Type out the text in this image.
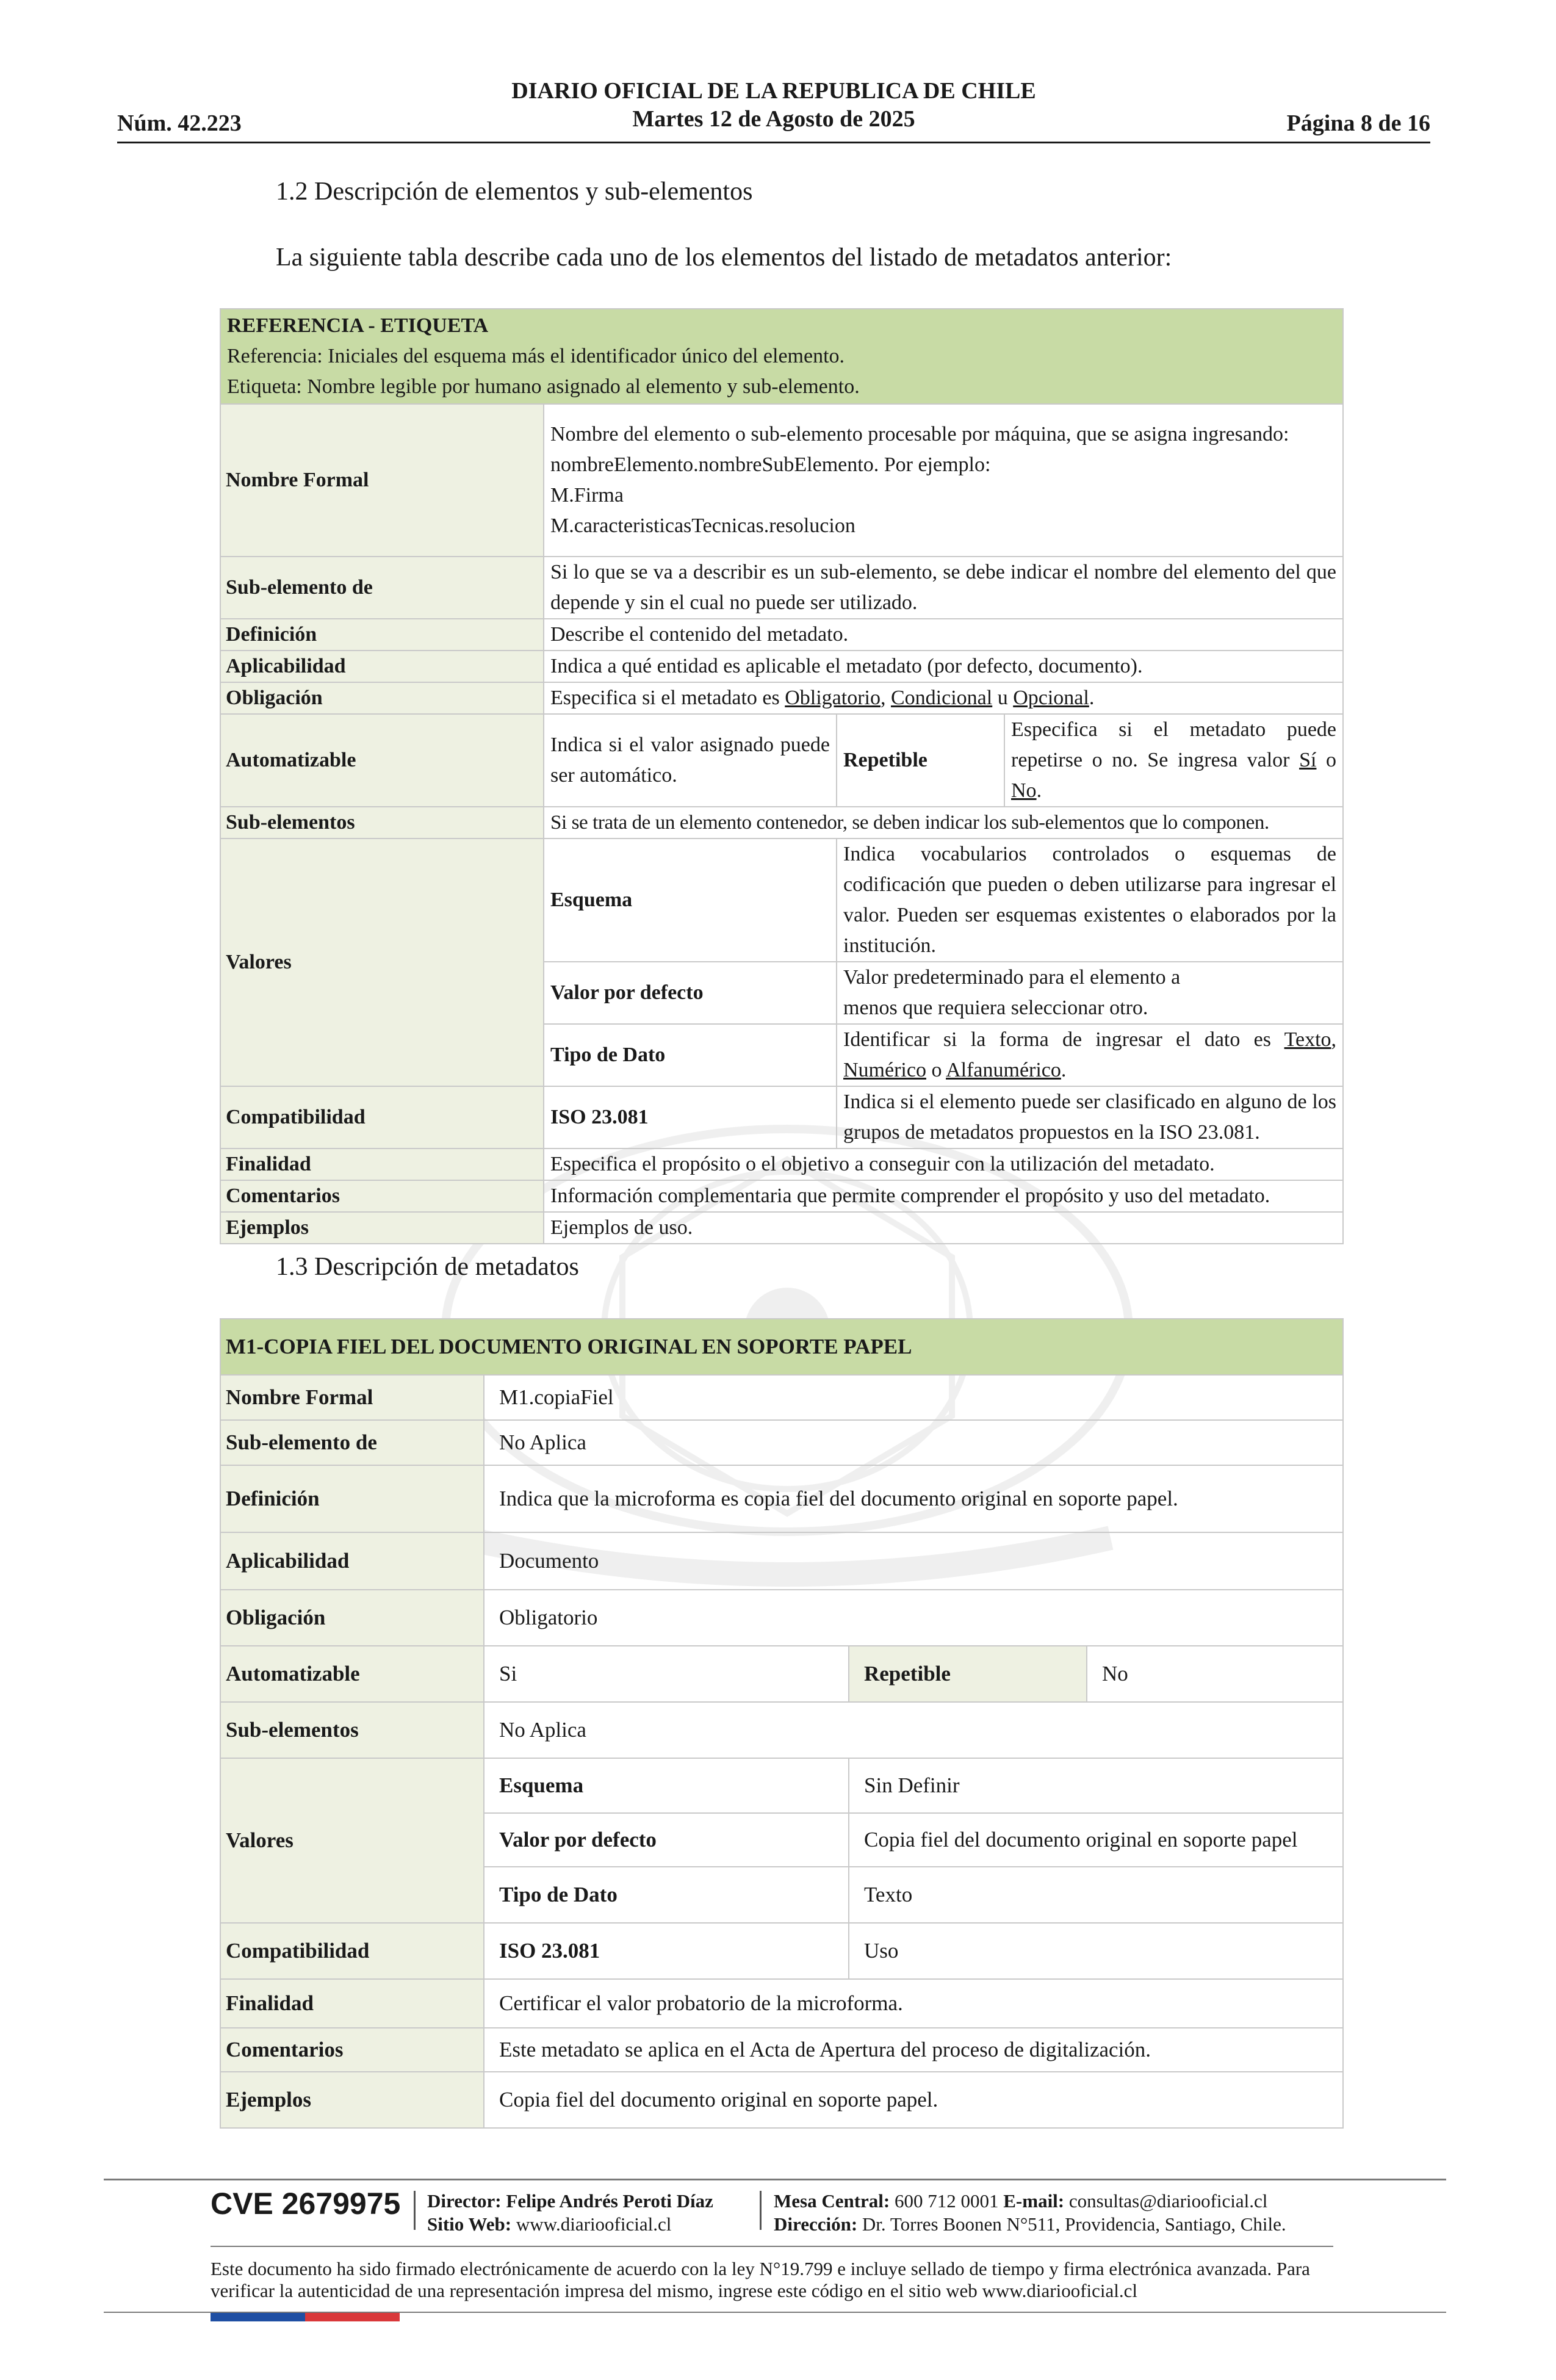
Núm. 42.223
DIARIO OFICIAL DE LA REPUBLICA DE CHILE
Martes 12 de Agosto de 2025	Página 8 de 16
1.2 Descripción de elementos y sub-elementos
La siguiente tabla describe cada uno de los elementos del listado de metadatos anterior:
REFERENCIA - ETIQUETA
Referencia: Iniciales del esquema más el identificador único del elemento.
Etiqueta: Nombre legible por humano asignado al elemento y sub-elemento.			

Nombre Formal	Nombre del elemento o sub-elemento procesable por máquina, que se asigna ingresando:
nombreElemento.nombreSubElemento. Por ejemplo:
M.Firma
M.caracteristicasTecnicas.resolucion		

Sub-elemento de	Si lo que se va a describir es un sub-elemento, se debe indicar el nombre del elemento del que depende y sin el cual no puede ser utilizado.		
Definición	Describe el contenido del metadato.		
Aplicabilidad	Indica a qué entidad es aplicable el metadato (por defecto, documento).		
Obligación	Especifica si el metadato es Obligatorio, Condicional u Opcional.		
Automatizable	Indica si el valor asignado puede ser automático.	Repetible	Especifica si el metadato puede repetirse o no. Se ingresa valor Sí o No.
Sub-elementos	Si se trata de un elemento contenedor, se deben indicar los sub-elementos que lo componen.		
Valores	Esquema	Indica vocabularios controlados o esquemas de codificación que pueden o deben utilizarse para ingresar el valor. Pueden ser esquemas existentes o elaborados por la institución.	
	Valor por defecto	Valor predeterminado para el elemento a menos que requiera seleccionar otro.	
	Tipo de Dato	Identificar si la forma de ingresar el dato es Texto, Numérico o Alfanumérico.	
Compatibilidad	ISO 23.081	Indica si el elemento puede ser clasificado en alguno de los grupos de metadatos propuestos en la ISO 23.081.	
Finalidad	Especifica el propósito o el objetivo a conseguir con la utilización del metadato.		
Comentarios	Información complementaria que permite comprender el propósito y uso del metadato.		
Ejemplos	Ejemplos de uso.		
1.3 Descripción de metadatos
M1-COPIA FIEL DEL DOCUMENTO ORIGINAL EN SOPORTE PAPEL			
Nombre Formal	M1.copiaFiel		
Sub-elemento de	No Aplica		
Definición	Indica que la microforma es copia fiel del documento original en soporte papel.		
Aplicabilidad	Documento		
Obligación	Obligatorio		
Automatizable	Si	Repetible	No
Sub-elementos	No Aplica		
Valores	Esquema	Sin Definir	
	Valor por defecto	Copia fiel del documento original en soporte papel	
	Tipo de Dato	Texto	
Compatibilidad	ISO 23.081	Uso	
Finalidad	Certificar el valor probatorio de la microforma.		
Comentarios	Este metadato se aplica en el Acta de Apertura del proceso de digitalización.		
Ejemplos	Copia fiel del documento original en soporte papel.		
CVE 2679975 Director: Felipe Andrés Peroti Díaz
Sitio Web: www.diariooficial.cl
Mesa Central: 600 712 0001 E-mail: consultas@diariooficial.cl
Dirección: Dr. Torres Boonen N°511, Providencia, Santiago, Chile.
Este documento ha sido firmado electrónicamente de acuerdo con la ley N°19.799 e incluye sellado de tiempo y firma electrónica avanzada. Para verificar la autenticidad de una representación impresa del mismo, ingrese este código en el sitio web www.diariooficial.cl
